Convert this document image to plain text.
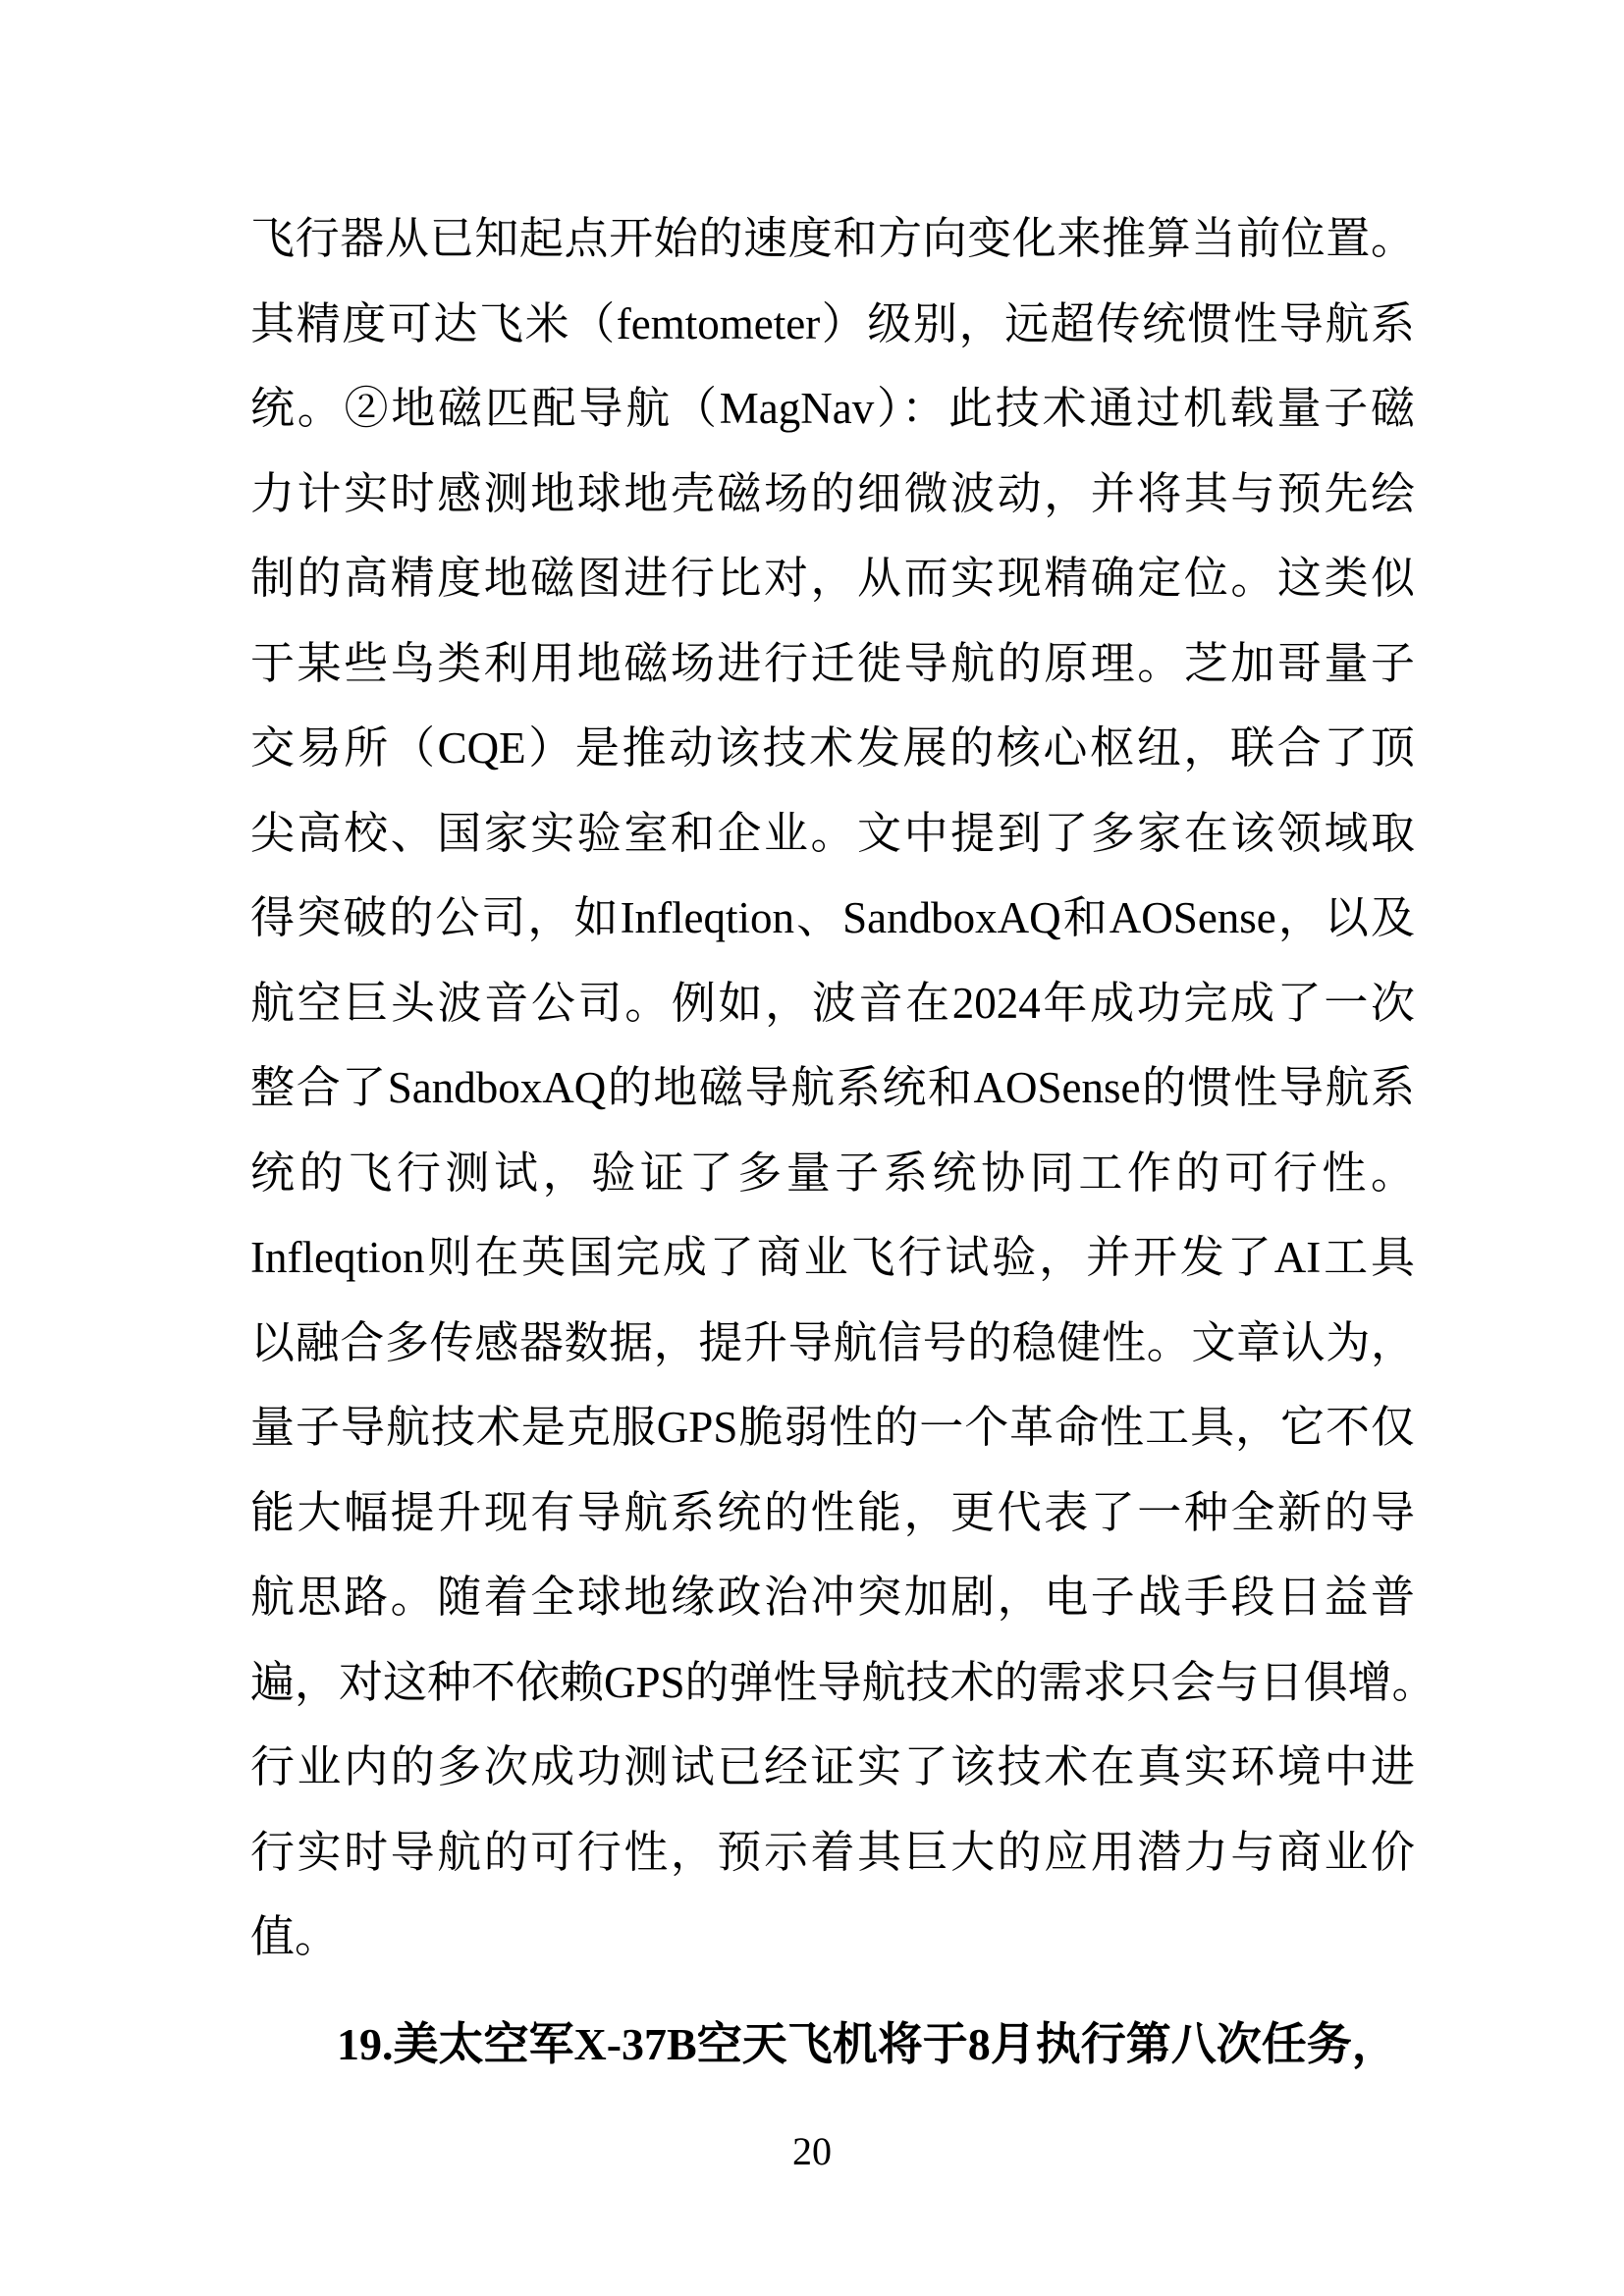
飞行器从已知起点开始的速度和方向变化来推算当前位置。
其精度可达飞米（femtometer）级别，远超传统惯性导航系
统。②地磁匹配导航（MagNav）：此技术通过机载量子磁
力计实时感测地球地壳磁场的细微波动，并将其与预先绘
制的高精度地磁图进行比对，从而实现精确定位。这类似
于某些鸟类利用地磁场进行迁徙导航的原理。芝加哥量子
交易所（CQE）是推动该技术发展的核心枢纽，联合了顶
尖高校、国家实验室和企业。文中提到了多家在该领域取
得突破的公司，如Infleqtion、SandboxAQ和AOSense，以及
航空巨头波音公司。例如，波音在2024年成功完成了一次
整合了SandboxAQ的地磁导航系统和AOSense的惯性导航系
统的飞行测试，验证了多量子系统协同工作的可行性。
Infleqtion则在英国完成了商业飞行试验，并开发了AI工具
以融合多传感器数据，提升导航信号的稳健性。文章认为，
量子导航技术是克服GPS脆弱性的一个革命性工具，它不仅
能大幅提升现有导航系统的性能，更代表了一种全新的导
航思路。随着全球地缘政治冲突加剧，电子战手段日益普
遍，对这种不依赖GPS的弹性导航技术的需求只会与日俱增。
行业内的多次成功测试已经证实了该技术在真实环境中进
行实时导航的可行性，预示着其巨大的应用潜力与商业价
值。
19.美太空军X-37B空天飞机将于8月执行第八次任务，
20
